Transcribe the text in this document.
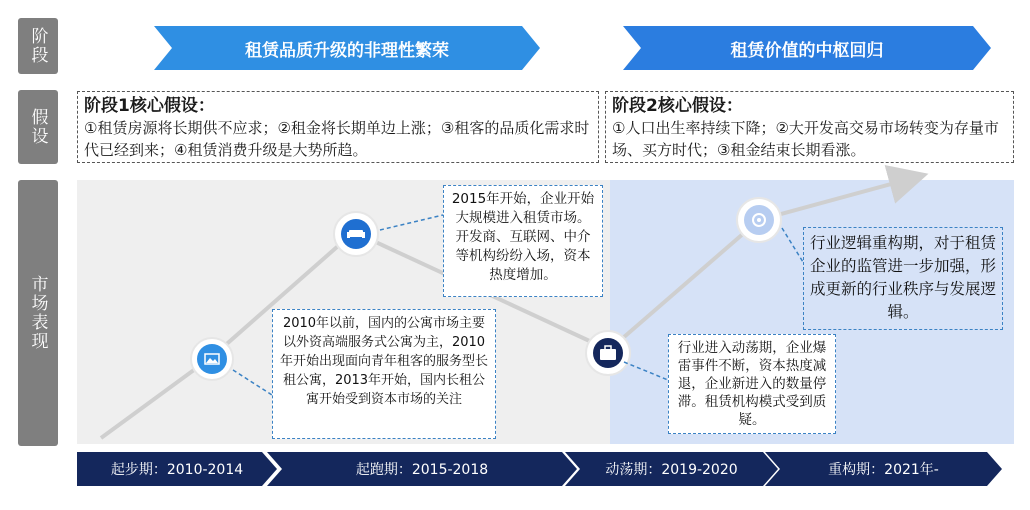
阶段
假设
市场表现
租赁品质升级的非理性繁荣	租赁价值的中枢回归
阶段1核心假设：
①租赁房源将长期供不应求；②租金将长期单边上涨；③租客的品质化需求时代已经到来；④租赁消费升级是大势所趋。
阶段2核心假设：
①人口出生率持续下降；②大开发高交易市场转变为存量市场、买方时代；③租金结束长期看涨。
2010年以前，国内的公寓市场主要以外资高端服务式公寓为主，2010年开始出现面向青年租客的服务型长租公寓，2013年开始，国内长租公寓开始受到资本市场的关注
2015年开始，企业开始大规模进入租赁市场。开发商、互联网、中介等机构纷纷入场，资本热度增加。
行业进入动荡期，企业爆雷事件不断，资本热度减退，企业新进入的数量停滞。租赁机构模式受到质疑。
行业逻辑重构期，对于租赁企业的监管进一步加强，形成更新的行业秩序与发展逻辑。
起步期：2010-2014	起跑期：2015-2018	动荡期：2019-2020	重构期：2021年-
